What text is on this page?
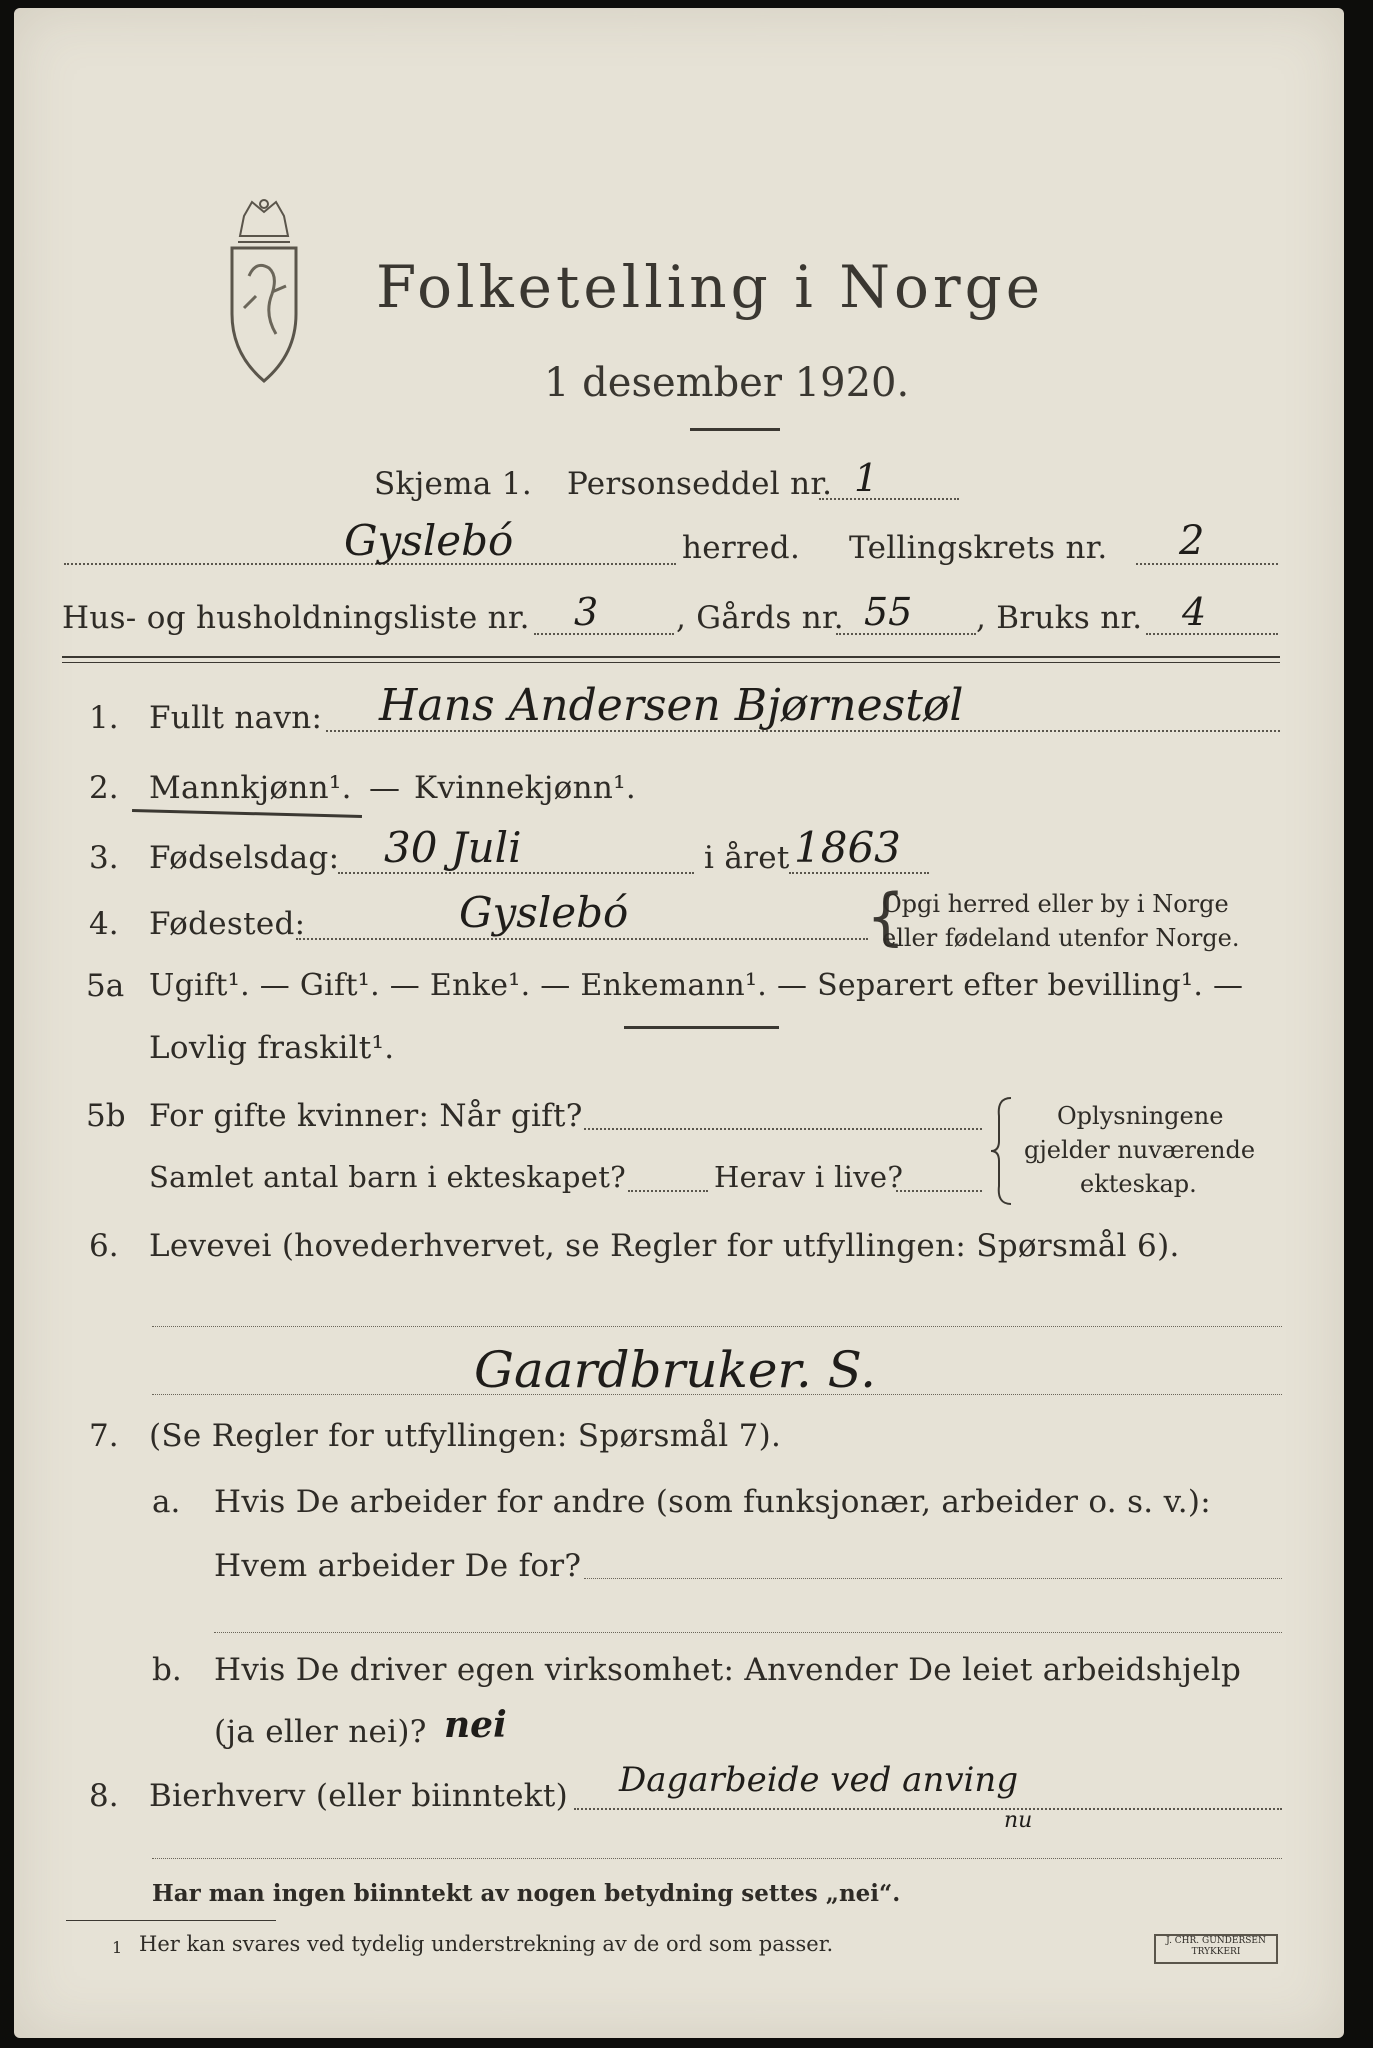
Folketelling i Norge
1 desember 1920.
Skjema 1. Personseddel nr. 1
Gyslebó	herred. Tellingskrets nr. 2
Hus- og husholdningsliste nr. 3	, Gårds nr. 55 , Bruks nr. 4
1. Fullt navn: Hans Andersen Bjørnestøl
2. Mannkjønn¹. — Kvinnekjønn¹.
3. Fødselsdag: 30 Juli	i året 1863
4. Fødested:	Gyslebó	{
Opgi herred eller by i Norge
eller fødeland utenfor Norge.
5a Ugift¹. — Gift¹. — Enke¹. — Enkemann¹. — Separert efter bevilling¹. —
Lovlig fraskilt¹.
5b For gifte kvinner: Når gift?
Samlet antal barn i ekteskapet?	Herav i live?
Oplysningene
gjelder nuværende
ekteskap.
6. Levevei (hovederhvervet, se Regler for utfyllingen: Spørsmål 6).
Gaardbruker. S.
7. (Se Regler for utfyllingen: Spørsmål 7).
a. Hvis De arbeider for andre (som funksjonær, arbeider o. s. v.):
Hvem arbeider De for?
b. Hvis De driver egen virksomhet: Anvender De leiet arbeidshjelp
(ja eller nei)? nei
8. Bierhverv (eller biinntekt) Dagarbeide ved anving
nu
Har man ingen biinntekt av nogen betydning settes „nei“.
1 Her kan svares ved tydelig understrekning av de ord som passer.	J. CHR. GUNDERSEN TRYKKERI
